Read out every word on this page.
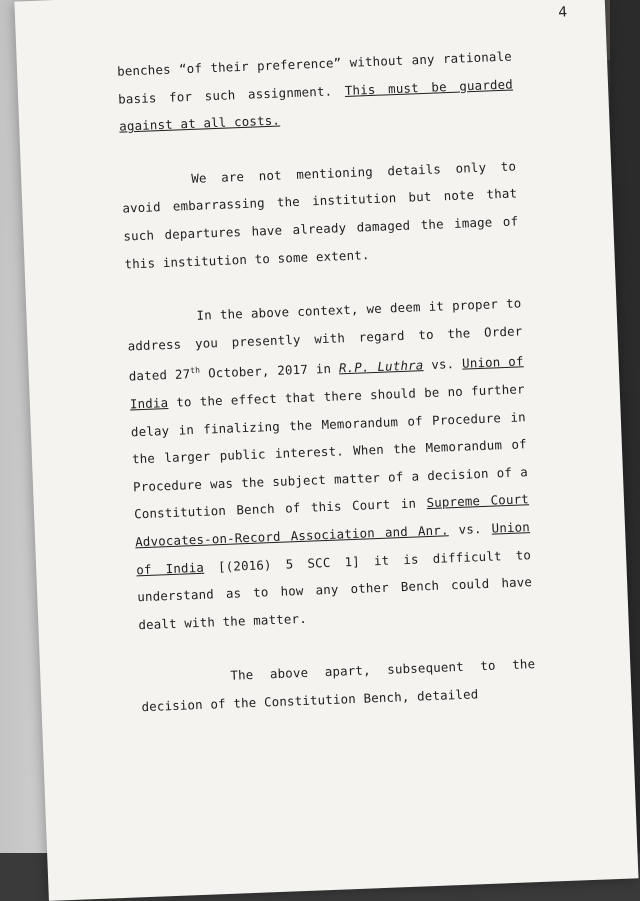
4

benches “of their preference” without any rationale basis for such assignment. This must be guarded against at all costs.

We are not mentioning details only to avoid embarrassing the institution but note that such departures have already damaged the image of this institution to some extent.

In the above context, we deem it proper to address you presently with regard to the Order dated 27th October, 2017 in R.P. Luthra vs. Union of India to the effect that there should be no further delay in finalizing the Memorandum of Procedure in the larger public interest. When the Memorandum of Procedure was the subject matter of a decision of a Constitution Bench of this Court in Supreme Court Advocates-on-Record Association and Anr. vs. Union of India [(2016) 5 SCC 1] it is difficult to understand as to how any other Bench could have dealt with the matter.

The above apart, subsequent to the decision of the Constitution Bench, detailed
